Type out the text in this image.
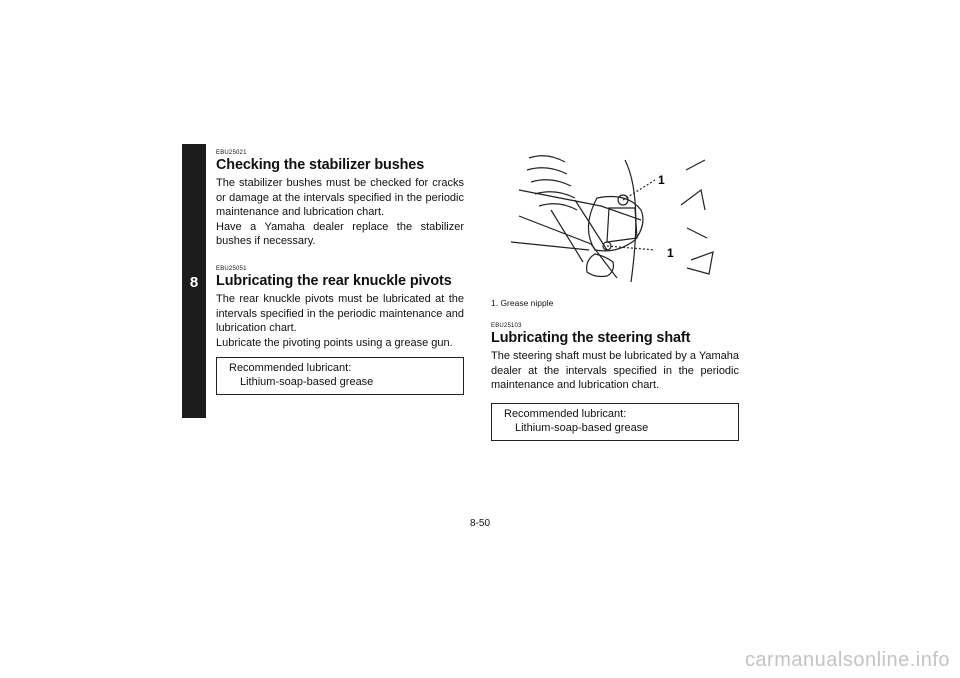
8

EBU25021

Checking the stabilizer bushes

The stabilizer bushes must be checked for cracks or damage at the intervals specified in the periodic maintenance and lubrication chart.

Have a Yamaha dealer replace the stabilizer bushes if necessary.

EBU25051

Lubricating the rear knuckle pivots

The rear knuckle pivots must be lubricated at the intervals specified in the periodic maintenance and lubrication chart.

Lubricate the pivoting points using a grease gun.

Recommended lubricant:
Lithium-soap-based grease
1
1
1. Grease nipple

EBU25103

Lubricating the steering shaft

The steering shaft must be lubricated by a Yamaha dealer at the intervals specified in the periodic maintenance and lubrication chart.

Recommended lubricant:
Lithium-soap-based grease
8-50
carmanualsonline.info
